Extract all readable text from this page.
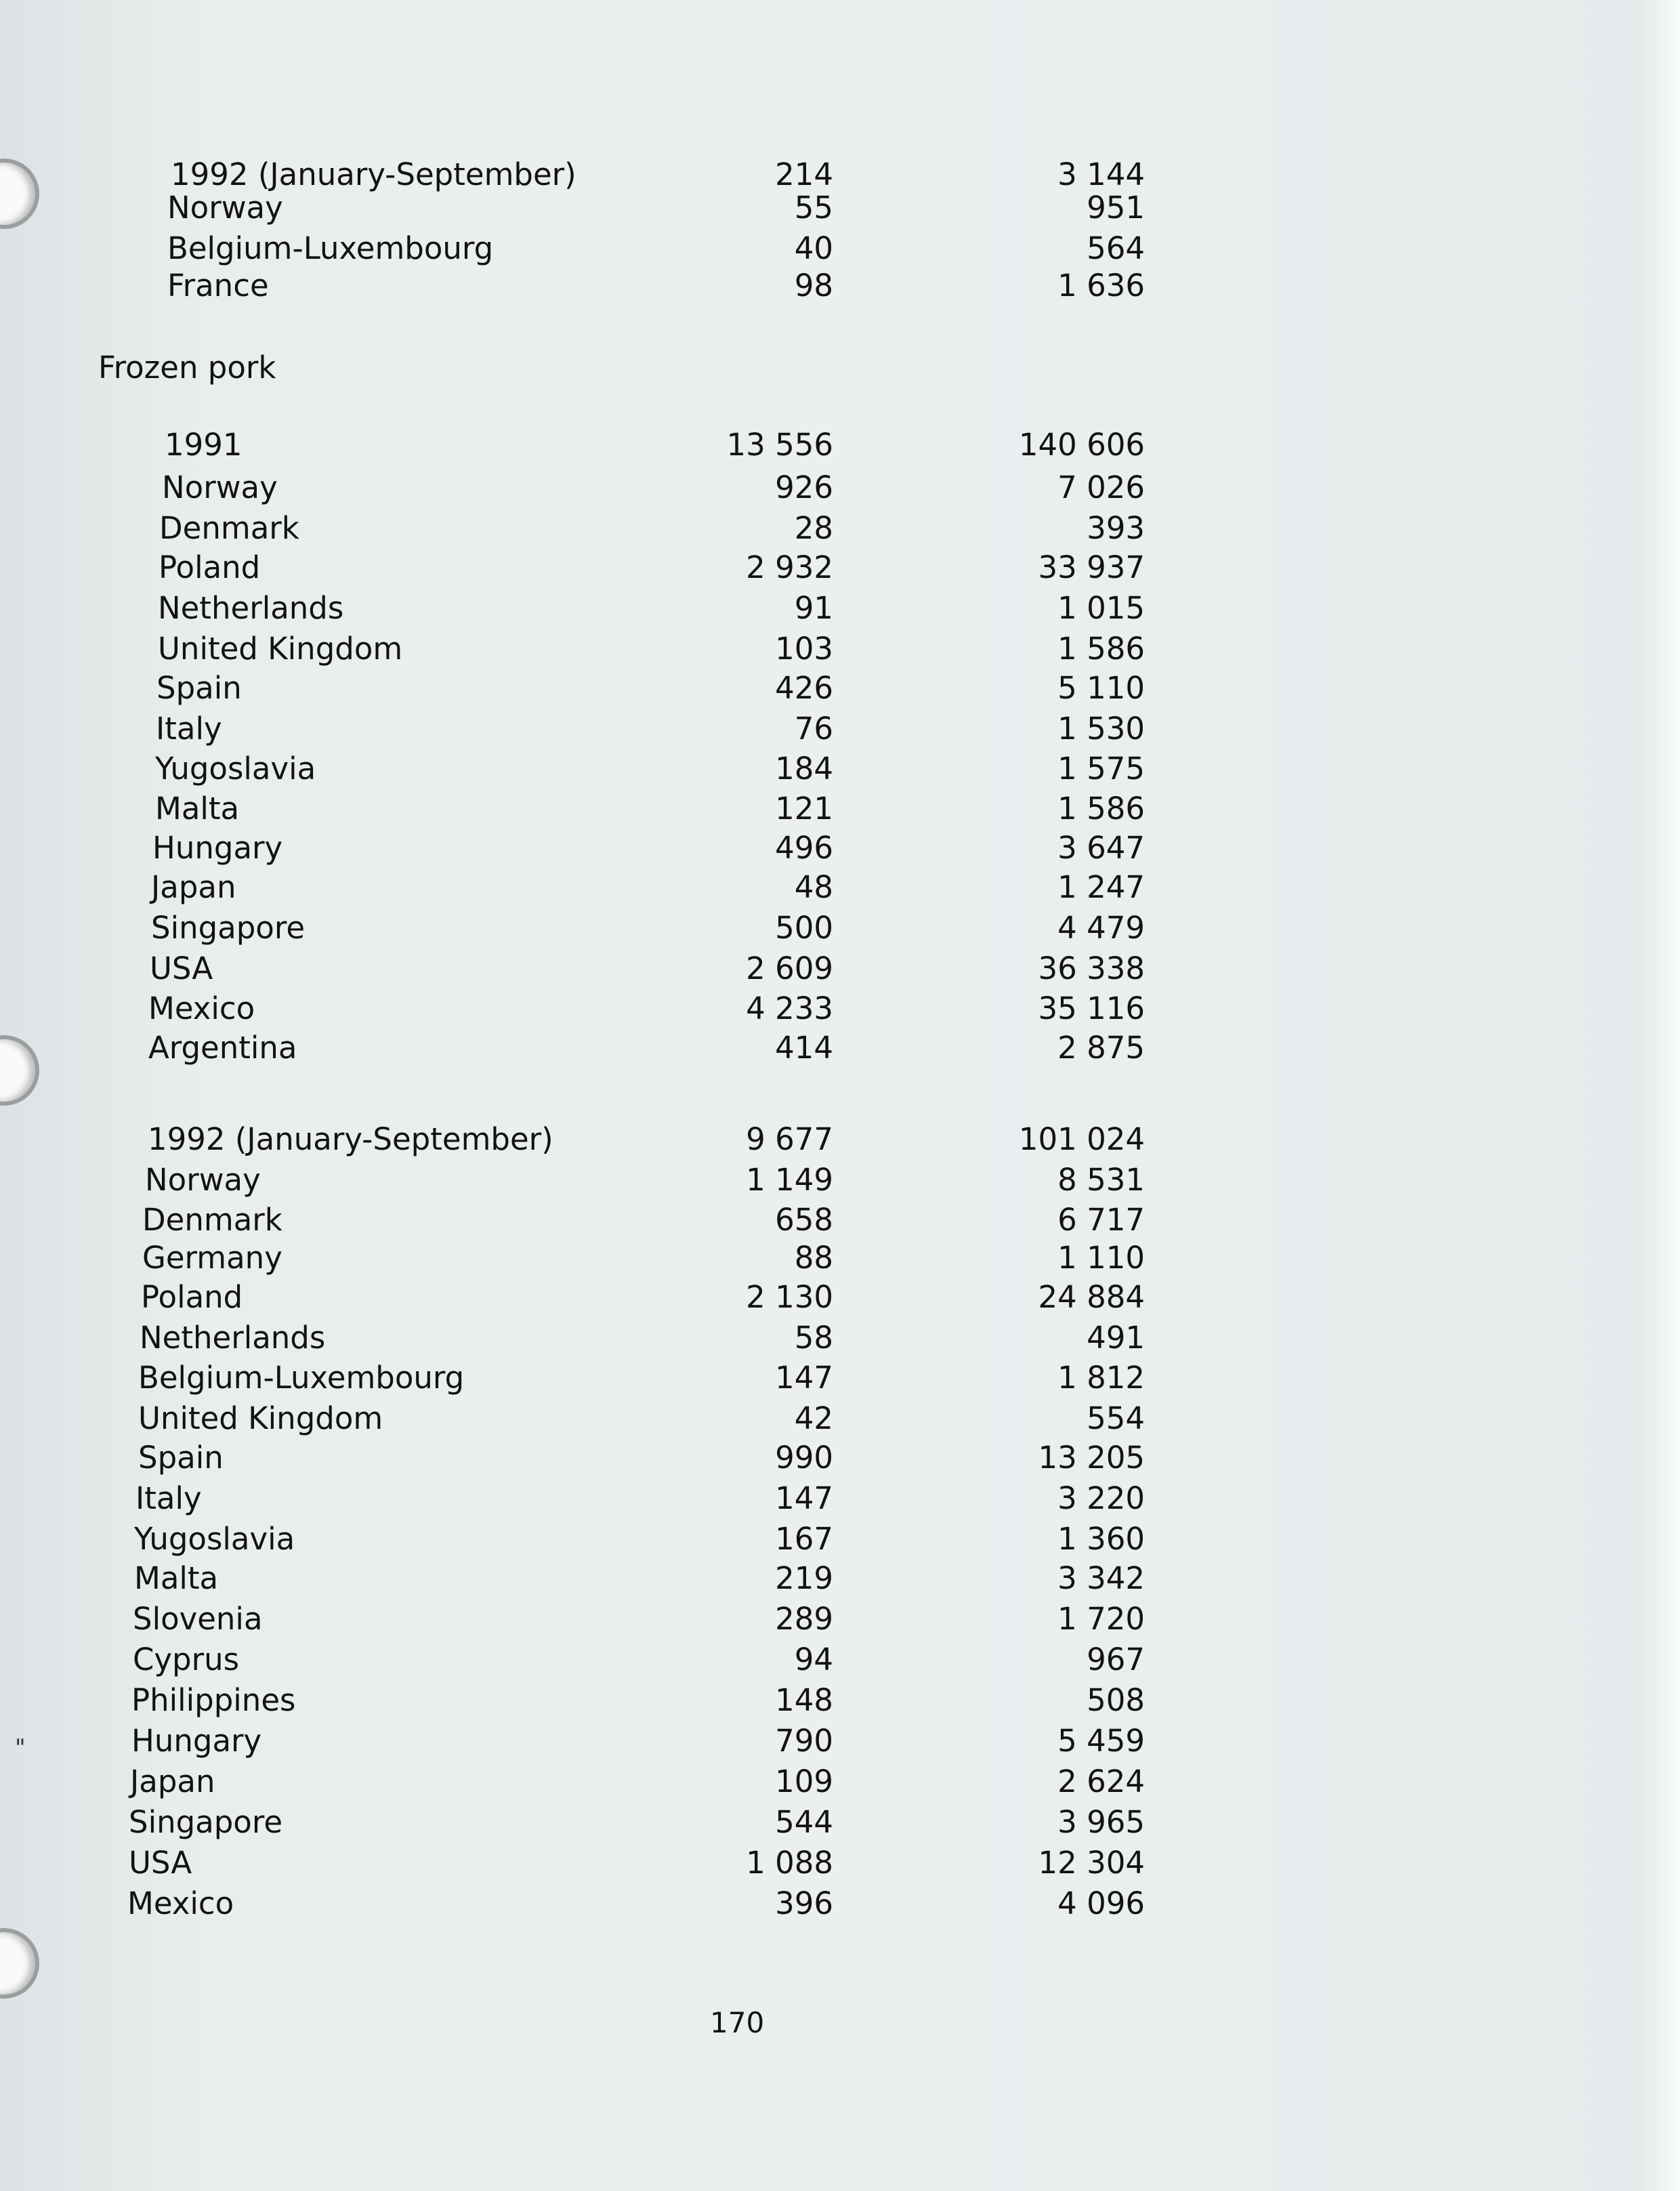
1992 (January-September)	214	3 144
Norway	55	951
Belgium-Luxembourg	40	564
France	98	1 636
Frozen pork
1991	13 556	140 606
Norway	926	7 026
Denmark	28	393
Poland	2 932	33 937
Netherlands	91	1 015
United Kingdom	103	1 586
Spain	426	5 110
Italy	76	1 530
Yugoslavia	184	1 575
Malta	121	1 586
Hungary	496	3 647
Japan	48	1 247
Singapore	500	4 479
USA	2 609	36 338
Mexico	4 233	35 116
Argentina	414	2 875
1992 (January-September)	9 677	101 024
Norway	1 149	8 531
Denmark	658	6 717
Germany	88	1 110
Poland	2 130	24 884
Netherlands	58	491
Belgium-Luxembourg	147	1 812
United Kingdom	42	554
Spain	990	13 205
Italy	147	3 220
Yugoslavia	167	1 360
Malta	219	3 342
Slovenia	289	1 720
Cyprus	94	967
Philippines	148	508
Hungary	790	5 459
Japan	109	2 624
Singapore	544	3 965
USA	1 088	12 304
Mexico	396	4 096
170
"
